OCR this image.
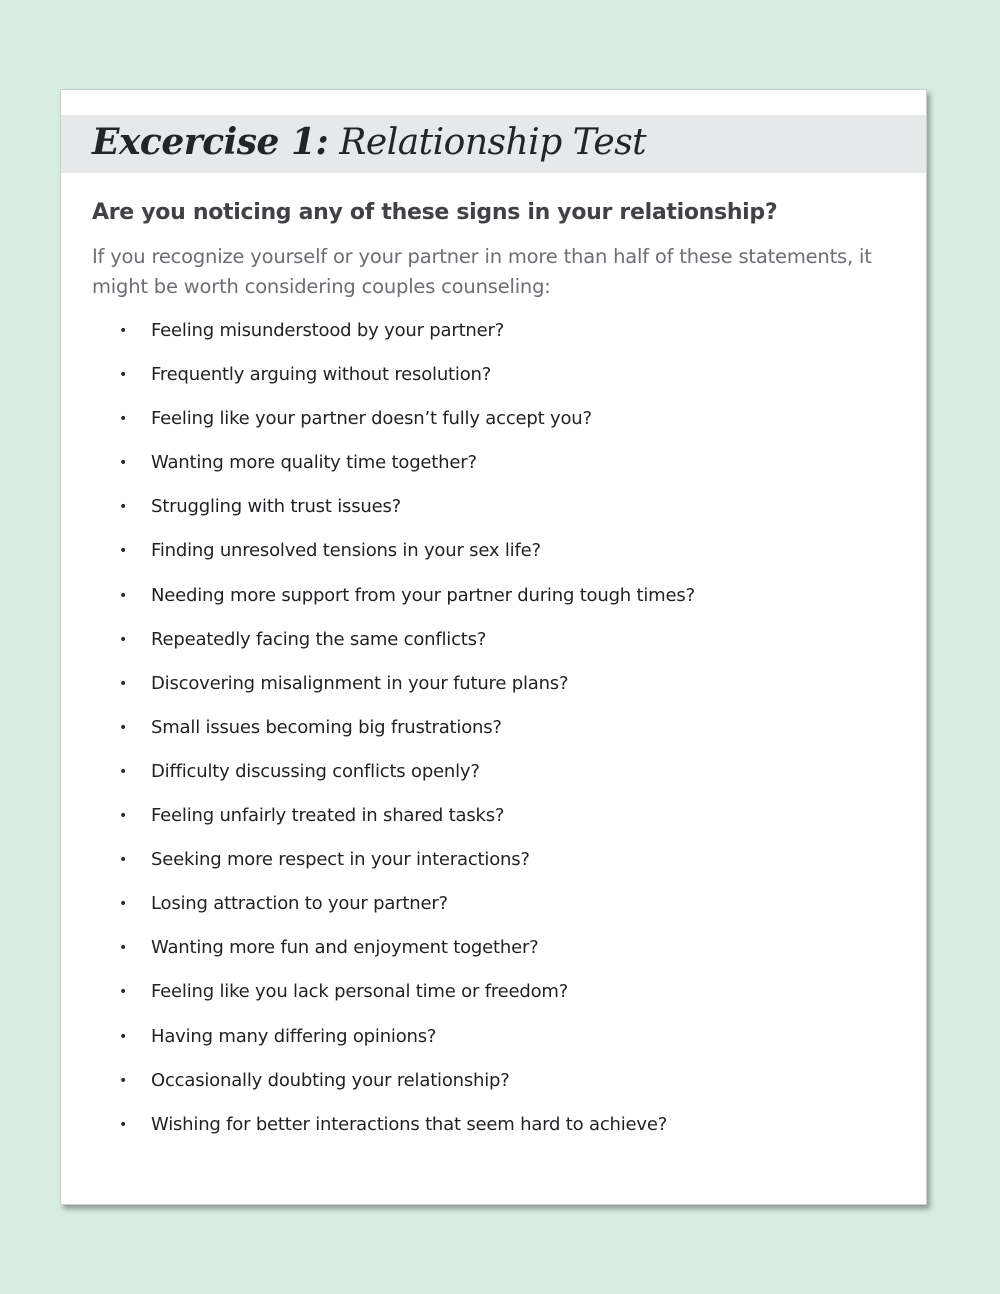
Excercise 1: Relationship Test
Are you noticing any of these signs in your relationship?

If you recognize yourself or your partner in more than half of these statements, it might be worth considering couples counseling:

•	Feeling misunderstood by your partner?
•	Frequently arguing without resolution?
•	Feeling like your partner doesn’t fully accept you?
•	Wanting more quality time together?
•	Struggling with trust issues?
•	Finding unresolved tensions in your sex life?
•	Needing more support from your partner during tough times?
•	Repeatedly facing the same conflicts?
•	Discovering misalignment in your future plans?
•	Small issues becoming big frustrations?
•	Difficulty discussing conflicts openly?
•	Feeling unfairly treated in shared tasks?
•	Seeking more respect in your interactions?
•	Losing attraction to your partner?
•	Wanting more fun and enjoyment together?
•	Feeling like you lack personal time or freedom?
•	Having many differing opinions?
•	Occasionally doubting your relationship?
•	Wishing for better interactions that seem hard to achieve?
